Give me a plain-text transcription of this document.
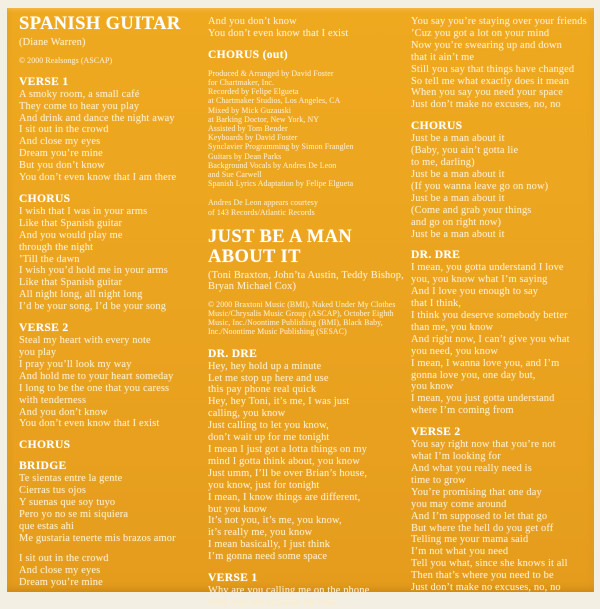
SPANISH GUITAR
(Diane Warren)
© 2000 Realsongs (ASCAP)
VERSE 1
A smoky room, a small café
They come to hear you play
And drink and dance the night away
I sit out in the crowd
And close my eyes
Dream you’re mine
But you don’t know
You don’t even know that I am there
CHORUS
I wish that I was in your arms
Like that Spanish guitar
And you would play me
through the night
’Till the dawn
I wish you’d hold me in your arms
Like that Spanish guitar
All night long, all night long
I’d be your song, I’d be your song
VERSE 2
Steal my heart with every note
you play
I pray you’ll look my way
And hold me to your heart someday
I long to be the one that you caress
with tenderness
And you don’t know
You don’t even know that I exist
CHORUS
BRIDGE
Te sientas entre la gente
Cierras tus ojos
Y suenas que soy tuyo
Pero yo no se mi siquiera
que estas ahi
Me gustaria tenerte mis brazos amor
I sit out in the crowd
And close my eyes
Dream you’re mine
And you don’t know
You don’t even know that I exist
CHORUS (out)
Produced & Arranged by David Foster
for Chartmaker, Inc.
Recorded by Felipe Elgueta
at Chartmaker Studios, Los Angeles, CA
Mixed by Mick Guzauski
at Barking Doctor, New York, NY
Assisted by Tom Bender
Keyboards by David Foster
Synclavier Programming by Simon Franglen
Guitars by Dean Parks
Background Vocals by Andres De Leon
and Sue Carwell
Spanish Lyrics Adaptation by Felipe Elgueta
Andres De Leon appears courtesy
of 143 Records/Atlantic Records
JUST BE A MAN ABOUT IT
(Toni Braxton, John’ta Austin, Teddy Bishop,
Bryan Michael Cox)
© 2000 Braxtoni Music (BMI), Naked Under My Clothes
Music/Chrysalis Music Group (ASCAP), October Eighth
Music, Inc./Noontime Publishing (BMI), Black Baby,
Inc./Noontime Music Publishing (SESAC)
DR. DRE
Hey, hey hold up a minute
Let me stop up here and use
this pay phone real quick
Hey, hey Toni, it’s me, I was just
calling, you know
Just calling to let you know,
don’t wait up for me tonight
I mean I just got a lotta things on my
mind I gotta think about, you know
Just umm, I’ll be over Brian’s house,
you know, just for tonight
I mean, I know things are different,
but you know
It’s not you, it’s me, you know,
it’s really me, you know
I mean basically, I just think
I’m gonna need some space
VERSE 1
Why are you calling me on the phone
Why you not at home on time
You say you’re staying over your friends
’Cuz you got a lot on your mind
Now you’re swearing up and down
that it ain’t me
Still you say that things have changed
So tell me what exactly does it mean
When you say you need your space
Just don’t make no excuses, no, no
CHORUS
Just be a man about it
(Baby, you ain’t gotta lie
to me, darling)
Just be a man about it
(If you wanna leave go on now)
Just be a man about it
(Come and grab your things
and go on right now)
Just be a man about it
DR. DRE
I mean, you gotta understand I love
you, you know what I’m saying
And I love you enough to say
that I think,
I think you deserve somebody better
than me, you know
And right now, I can’t give you what
you need, you know
I mean, I wanna love you, and I’m
gonna love you, one day but,
you know
I mean, you just gotta understand
where I’m coming from
VERSE 2
You say right now that you’re not
what I’m looking for
And what you really need is
time to grow
You’re promising that one day
you may come around
And I’m supposed to let that go
But where the hell do you get off
Telling me your mama said
I’m not what you need
Tell you what, since she knows it all
Then that’s where you need to be
Just don’t make no excuses, no, no
